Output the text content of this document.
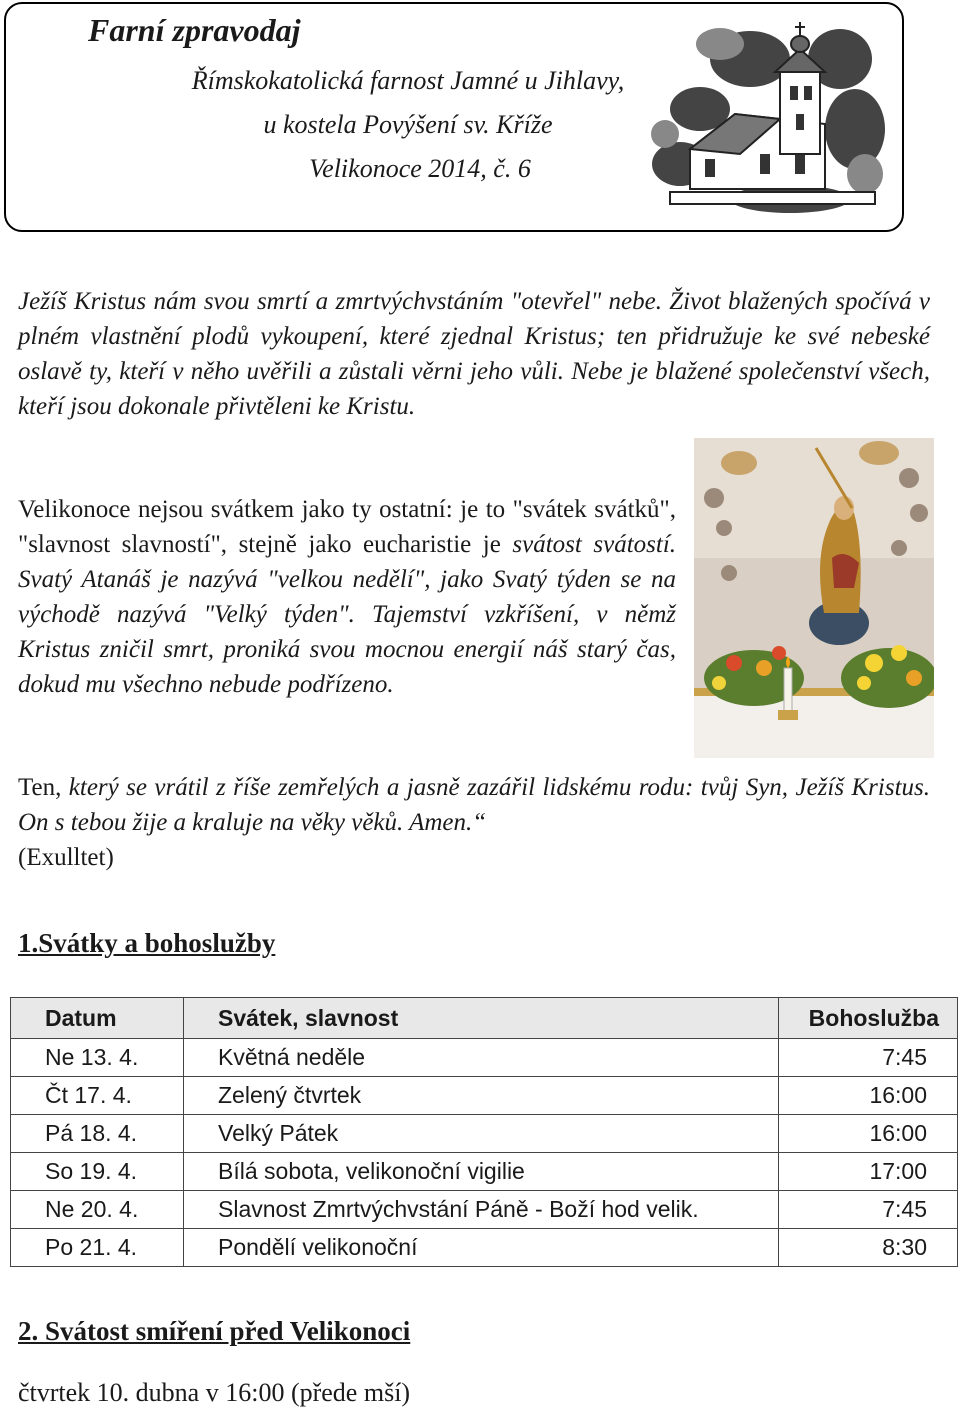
Farní zpravodaj
Římskokatolická farnost Jamné u Jihlavy,
u kostela Povýšení sv. Kříže
Velikonoce 2014, č. 6

Ježíš Kristus nám svou smrtí a zmrtvýchvstáním "otevřel" nebe. Život blažených spočívá v plném vlastnění plodů vykoupení, které zjednal Kristus; ten přidružuje ke své nebeské oslavě ty, kteří v něho uvěřili a zůstali věrni jeho vůli. Nebe je blažené společenství všech, kteří jsou dokonale přivtěleni ke Kristu.

Velikonoce nejsou svátkem jako ty ostatní: je to "svátek svátků", "slavnost slavností", stejně jako eucharistie je svátost svátostí. Svatý Atanáš je nazývá "velkou nedělí", jako Svatý týden se na východě nazývá "Velký týden". Tajemství vzkříšení, v němž Kristus zničil smrt, proniká svou mocnou energií náš starý čas, dokud mu všechno nebude podřízeno.

Ten, který se vrátil z říše zemřelých a jasně zazářil lidskému rodu: tvůj Syn, Ježíš Kristus. On s tebou žije a kraluje na věky věků. Amen.“
(Exulltet)

1.Svátky a bohoslužby
Datum	Svátek, slavnost	Bohoslužba
Ne 13. 4.	Květná neděle	7:45
Čt 17. 4.	Zelený čtvrtek	16:00
Pá 18. 4.	Velký Pátek	16:00
So 19. 4.	Bílá sobota, velikonoční vigilie	17:00
Ne 20. 4.	Slavnost Zmrtvýchvstání Páně - Boží hod velik.	7:45
Po 21. 4.	Pondělí velikonoční	8:30
2. Svátost smíření před Velikonoci
čtvrtek 10. dubna v 16:00 (přede mší)
